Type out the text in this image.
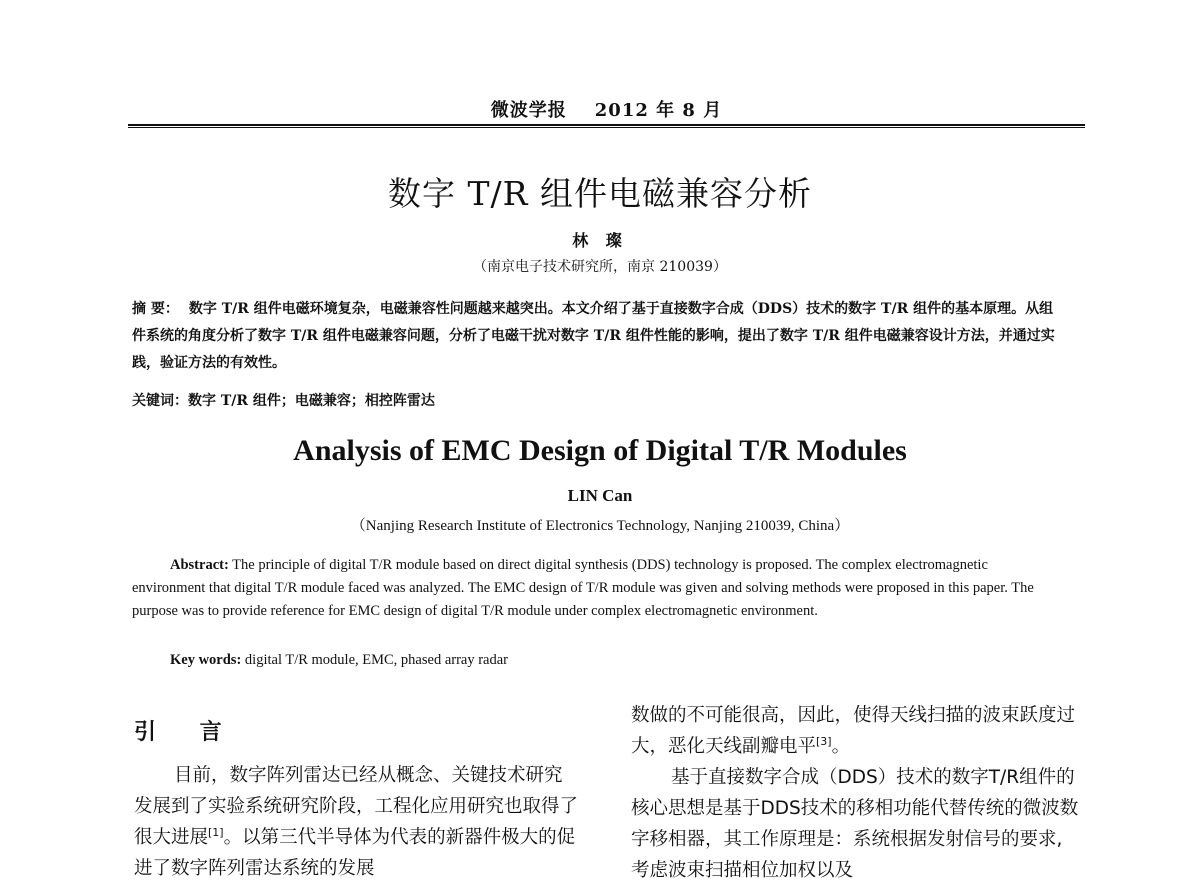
微波学报 2012 年 8 月
数字 T/R 组件电磁兼容分析
林 璨
（南京电子技术研究所，南京 210039）
摘 要： 数字 T/R 组件电磁环境复杂，电磁兼容性问题越来越突出。本文介绍了基于直接数字合成（DDS）技术的数字 T/R 组件的基本原理。从组件系统的角度分析了数字 T/R 组件电磁兼容问题，分析了电磁干扰对数字 T/R 组件性能的影响，提出了数字 T/R 组件电磁兼容设计方法，并通过实践，验证方法的有效性。
关键词：数字 T/R 组件；电磁兼容；相控阵雷达
Analysis of EMC Design of Digital T/R Modules
LIN Can
（Nanjing Research Institute of Electronics Technology, Nanjing 210039, China）
Abstract: The principle of digital T/R module based on direct digital synthesis (DDS) technology is proposed. The complex electromagnetic environment that digital T/R module faced was analyzed. The EMC design of T/R module was given and solving methods were proposed in this paper. The purpose was to provide reference for EMC design of digital T/R module under complex electromagnetic environment.
Key words: digital T/R module, EMC, phased array radar
引 言
目前，数字阵列雷达已经从概念、关键技术研究发展到了实验系统研究阶段，工程化应用研究也取得了很大进展[1]。以第三代半导体为代表的新器件极大的促进了数字阵列雷达系统的发展
数做的不可能很高，因此，使得天线扫描的波束跃度过大，恶化天线副瓣电平[3]。
基于直接数字合成（DDS）技术的数字T/R组件的核心思想是基于DDS技术的移相功能代替传统的微波数字移相器，其工作原理是：系统根据发射信号的要求,考虑波束扫描相位加权以及
